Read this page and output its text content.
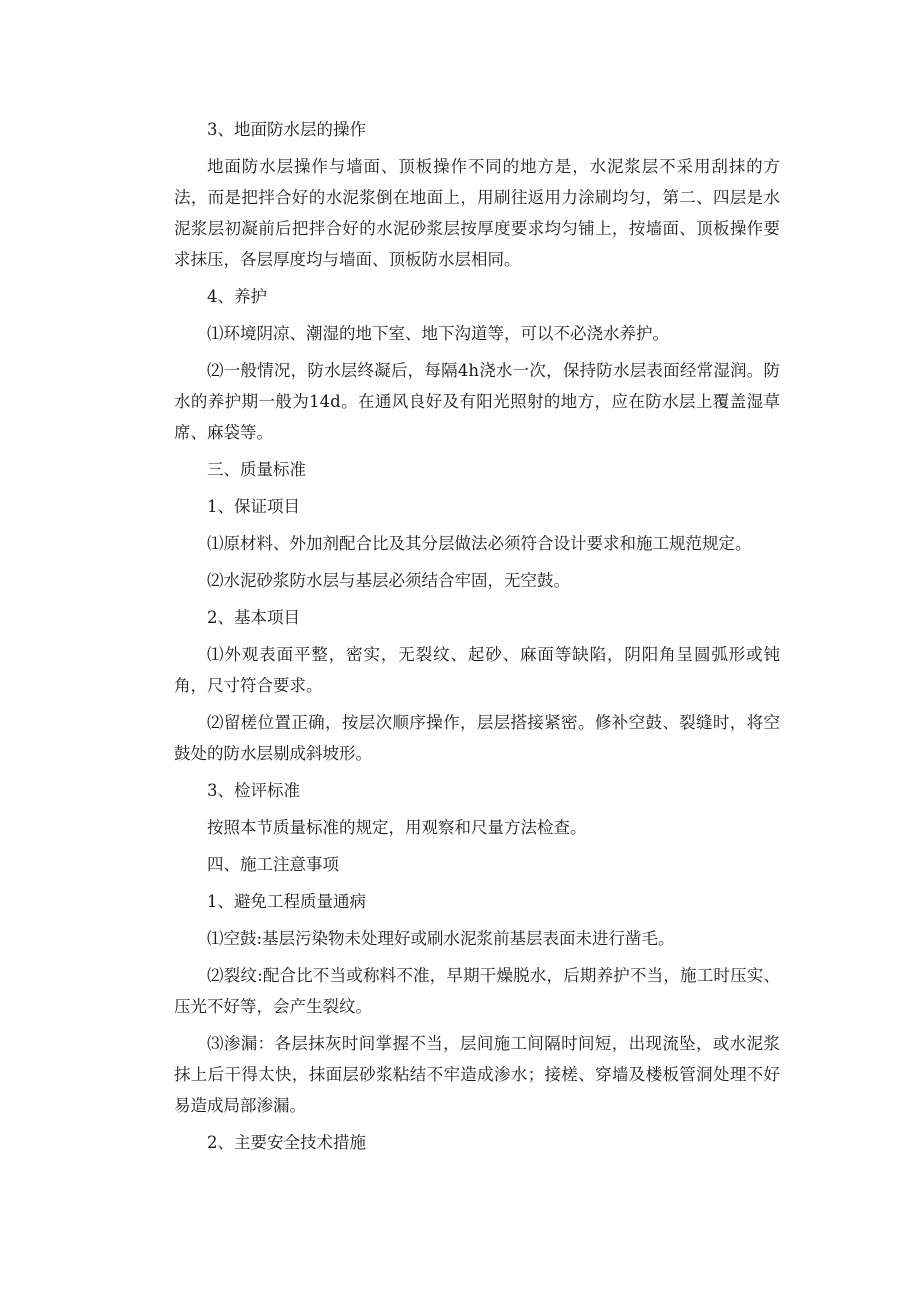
3、地面防水层的操作

地面防水层操作与墙面、顶板操作不同的地方是，水泥浆层不采用刮抹的方法，而是把拌合好的水泥浆倒在地面上，用刷往返用力涂刷均匀，第二、四层是水泥浆层初凝前后把拌合好的水泥砂浆层按厚度要求均匀铺上，按墙面、顶板操作要求抹压，各层厚度均与墙面、顶板防水层相同。

4、养护

⑴环境阴凉、潮湿的地下室、地下沟道等，可以不必浇水养护。

⑵一般情况，防水层终凝后，每隔4h浇水一次，保持防水层表面经常湿润。防水的养护期一般为14d。在通风良好及有阳光照射的地方，应在防水层上覆盖湿草席、麻袋等。

三、质量标准

1、保证项目

⑴原材料、外加剂配合比及其分层做法必须符合设计要求和施工规范规定。

⑵水泥砂浆防水层与基层必须结合牢固，无空鼓。

2、基本项目

⑴外观表面平整，密实，无裂纹、起砂、麻面等缺陷，阴阳角呈圆弧形或钝角，尺寸符合要求。

⑵留槎位置正确，按层次顺序操作，层层搭接紧密。修补空鼓、裂缝时，将空鼓处的防水层剔成斜坡形。

3、检评标准

按照本节质量标准的规定，用观察和尺量方法检查。

四、施工注意事项

1、避免工程质量通病

⑴空鼓:基层污染物未处理好或刷水泥浆前基层表面未进行凿毛。

⑵裂纹:配合比不当或称料不准，早期干燥脱水，后期养护不当，施工时压实、压光不好等，会产生裂纹。

⑶渗漏：各层抹灰时间掌握不当，层间施工间隔时间短，出现流坠，或水泥浆抹上后干得太快，抹面层砂浆粘结不牢造成渗水；接槎、穿墙及楼板管洞处理不好易造成局部渗漏。

2、主要安全技术措施
